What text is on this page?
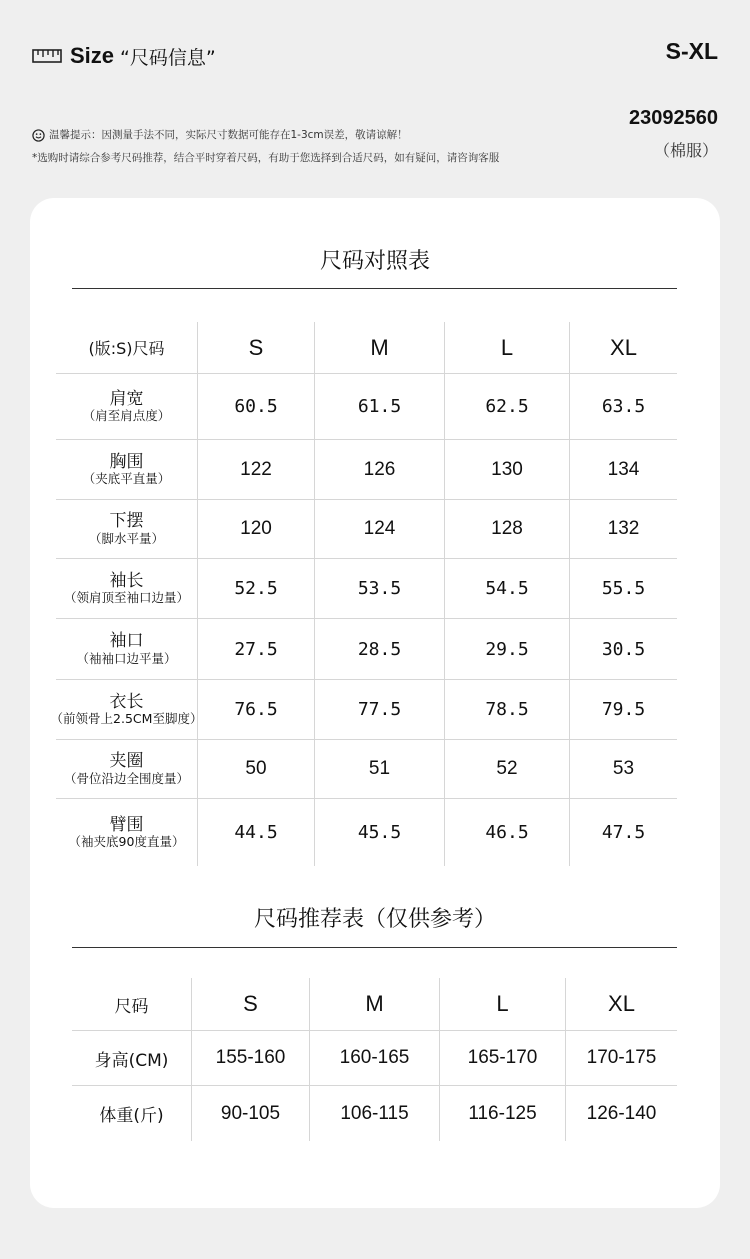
Size “尺码信息”	S-XL
温馨提示：因测量手法不同，实际尺寸数据可能存在1-3cm误差，敬请谅解！
*选购时请综合参考尺码推荐，结合平时穿着尺码，有助于您选择到合适尺码，如有疑问，请咨询客服
23092560
（棉服）
尺码对照表
(版:S)尺码	S	M	L	XL
肩宽
（肩至肩点度）	60.5	61.5	62.5	63.5
胸围
（夹底平直量）	122	126	130	134
下摆
（脚水平量）	120	124	128	132
袖长
（领肩顶至袖口边量）	52.5	53.5	54.5	55.5
袖口
（袖袖口边平量）	27.5	28.5	29.5	30.5
衣长
（前领骨上2.5CM至脚度）	76.5	77.5	78.5	79.5
夹圈
（骨位沿边全围度量）	50	51	52	53
臂围
（袖夹底90度直量）	44.5	45.5	46.5	47.5
尺码推荐表（仅供参考）
尺码	S	M	L	XL
身高(CM)	155-160	160-165	165-170	170-175
体重(斤)	90-105	106-115	116-125	126-140
